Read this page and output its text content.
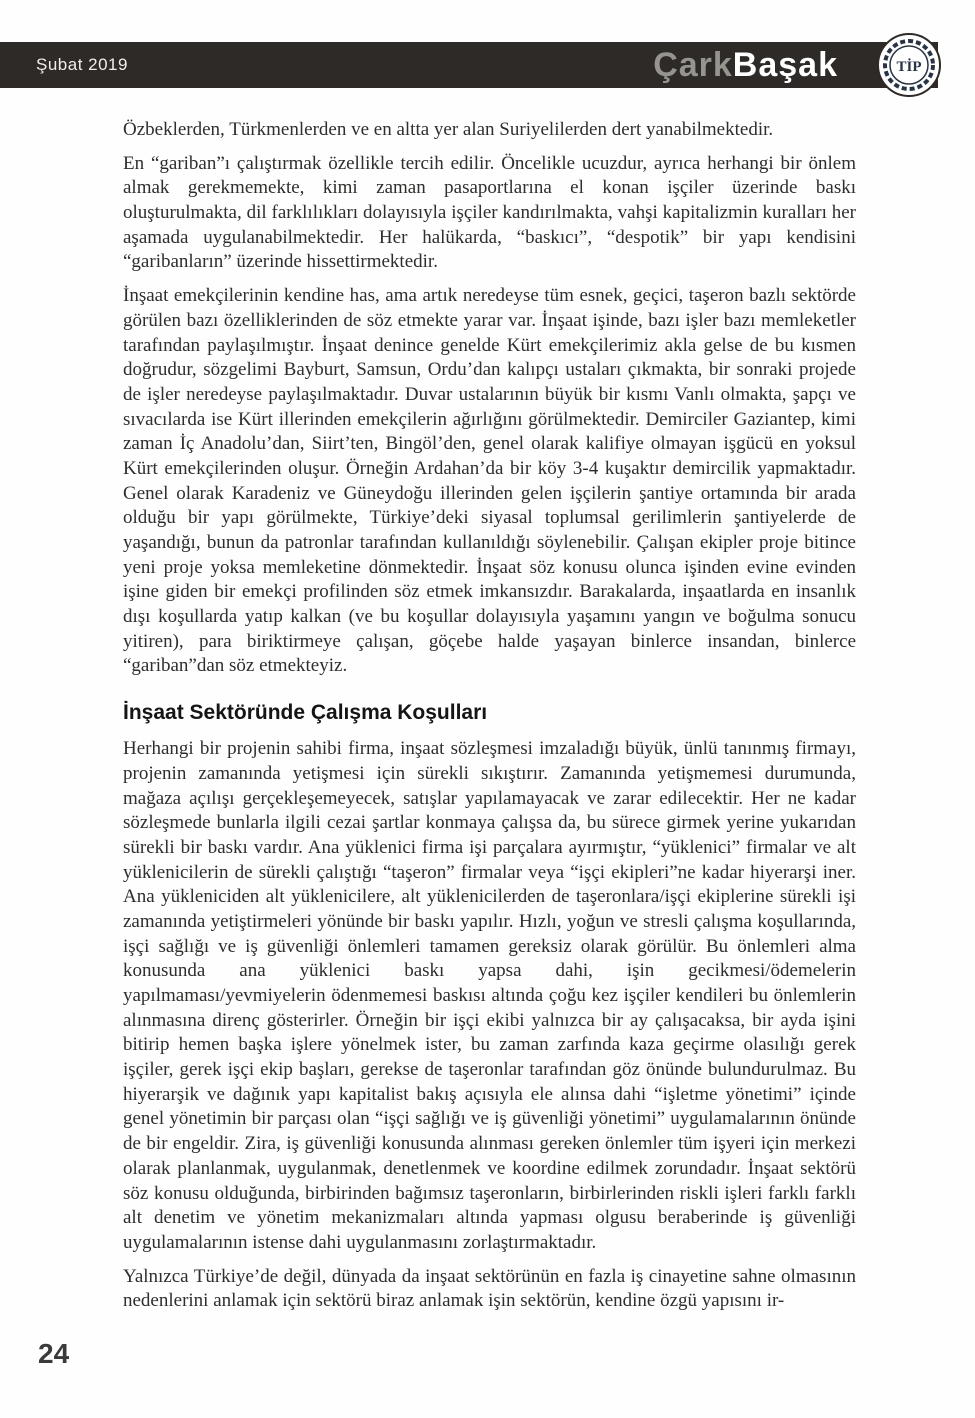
Şubat 2019	ÇarkBaşak	TİP

Özbeklerden, Türkmenlerden ve en altta yer alan Suriyelilerden dert yanabilmektedir.

En “gariban”ı çalıştırmak özellikle tercih edilir. Öncelikle ucuzdur, ayrıca herhangi bir önlem almak gerekmemekte, kimi zaman pasaportlarına el konan işçiler üzerinde baskı oluşturulmakta, dil farklılıkları dolayısıyla işçiler kandırılmakta, vahşi kapitalizmin kuralları her aşamada uygulanabilmektedir. Her halükarda, “baskıcı”, “despotik” bir yapı kendisini “garibanların” üzerinde hissettirmektedir.

İnşaat emekçilerinin kendine has, ama artık neredeyse tüm esnek, geçici, taşeron bazlı sektörde görülen bazı özelliklerinden de söz etmekte yarar var. İnşaat işinde, bazı işler bazı memleketler tarafından paylaşılmıştır. İnşaat denince genelde Kürt emekçilerimiz akla gelse de bu kısmen doğrudur, sözgelimi Bayburt, Samsun, Ordu’dan kalıpçı ustaları çıkmakta, bir sonraki projede de işler neredeyse paylaşılmaktadır. Duvar ustalarının büyük bir kısmı Vanlı olmakta, şapçı ve sıvacılarda ise Kürt illerinden emekçilerin ağırlığını görülmektedir. Demirciler Gaziantep, kimi zaman İç Anadolu’dan, Siirt’ten, Bingöl’den, genel olarak kalifiye olmayan işgücü en yoksul Kürt emekçilerinden oluşur. Örneğin Ardahan’da bir köy 3-4 kuşaktır demircilik yapmaktadır. Genel olarak Karadeniz ve Güneydoğu illerinden gelen işçilerin şantiye ortamında bir arada olduğu bir yapı görülmekte, Türkiye’deki siyasal toplumsal gerilimlerin şantiyelerde de yaşandığı, bunun da patronlar tarafından kullanıldığı söylenebilir. Çalışan ekipler proje bitince yeni proje yoksa memleketine dönmektedir. İnşaat söz konusu olunca işinden evine evinden işine giden bir emekçi profilinden söz etmek imkansızdır. Barakalarda, inşaatlarda en insanlık dışı koşullarda yatıp kalkan (ve bu koşullar dolayısıyla yaşamını yangın ve boğulma sonucu yitiren), para biriktirmeye çalışan, göçebe halde yaşayan binlerce insandan, binlerce “gariban”dan söz etmekteyiz.

İnşaat Sektöründe Çalışma Koşulları

Herhangi bir projenin sahibi firma, inşaat sözleşmesi imzaladığı büyük, ünlü tanınmış firmayı, projenin zamanında yetişmesi için sürekli sıkıştırır. Zamanında yetişmemesi durumunda, mağaza açılışı gerçekleşemeyecek, satışlar yapılamayacak ve zarar edilecektir. Her ne kadar sözleşmede bunlarla ilgili cezai şartlar konmaya çalışsa da, bu sürece girmek yerine yukarıdan sürekli bir baskı vardır. Ana yüklenici firma işi parçalara ayırmıştır, “yüklenici” firmalar ve alt yüklenicilerin de sürekli çalıştığı “taşeron” firmalar veya “işçi ekipleri”ne kadar hiyerarşi iner. Ana yükleniciden alt yüklenicilere, alt yüklenicilerden de taşeronlara/işçi ekiplerine sürekli işi zamanında yetiştirmeleri yönünde bir baskı yapılır. Hızlı, yoğun ve stresli çalışma koşullarında, işçi sağlığı ve iş güvenliği önlemleri tamamen gereksiz olarak görülür. Bu önlemleri alma konusunda ana yüklenici baskı yapsa dahi, işin gecikmesi/ödemelerin yapılmaması/yevmiyelerin ödenmemesi baskısı altında çoğu kez işçiler kendileri bu önlemlerin alınmasına direnç gösterirler. Örneğin bir işçi ekibi yalnızca bir ay çalışacaksa, bir ayda işini bitirip hemen başka işlere yönelmek ister, bu zaman zarfında kaza geçirme olasılığı gerek işçiler, gerek işçi ekip başları, gerekse de taşeronlar tarafından göz önünde bulundurulmaz. Bu hiyerarşik ve dağınık yapı kapitalist bakış açısıyla ele alınsa dahi “işletme yönetimi” içinde genel yönetimin bir parçası olan “işçi sağlığı ve iş güvenliği yönetimi” uygulamalarının önünde de bir engeldir. Zira, iş güvenliği konusunda alınması gereken önlemler tüm işyeri için merkezi olarak planlanmak, uygulanmak, denetlenmek ve koordine edilmek zorundadır. İnşaat sektörü söz konusu olduğunda, birbirinden bağımsız taşeronların, birbirlerinden riskli işleri farklı farklı alt denetim ve yönetim mekanizmaları altında yapması olgusu beraberinde iş güvenliği uygulamalarının istense dahi uygulanmasını zorlaştırmaktadır.

Yalnızca Türkiye’de değil, dünyada da inşaat sektörünün en fazla iş cinayetine sahne olmasının nedenlerini anlamak için sektörü biraz anlamak işin sektörün, kendine özgü yapısını ir-

24
